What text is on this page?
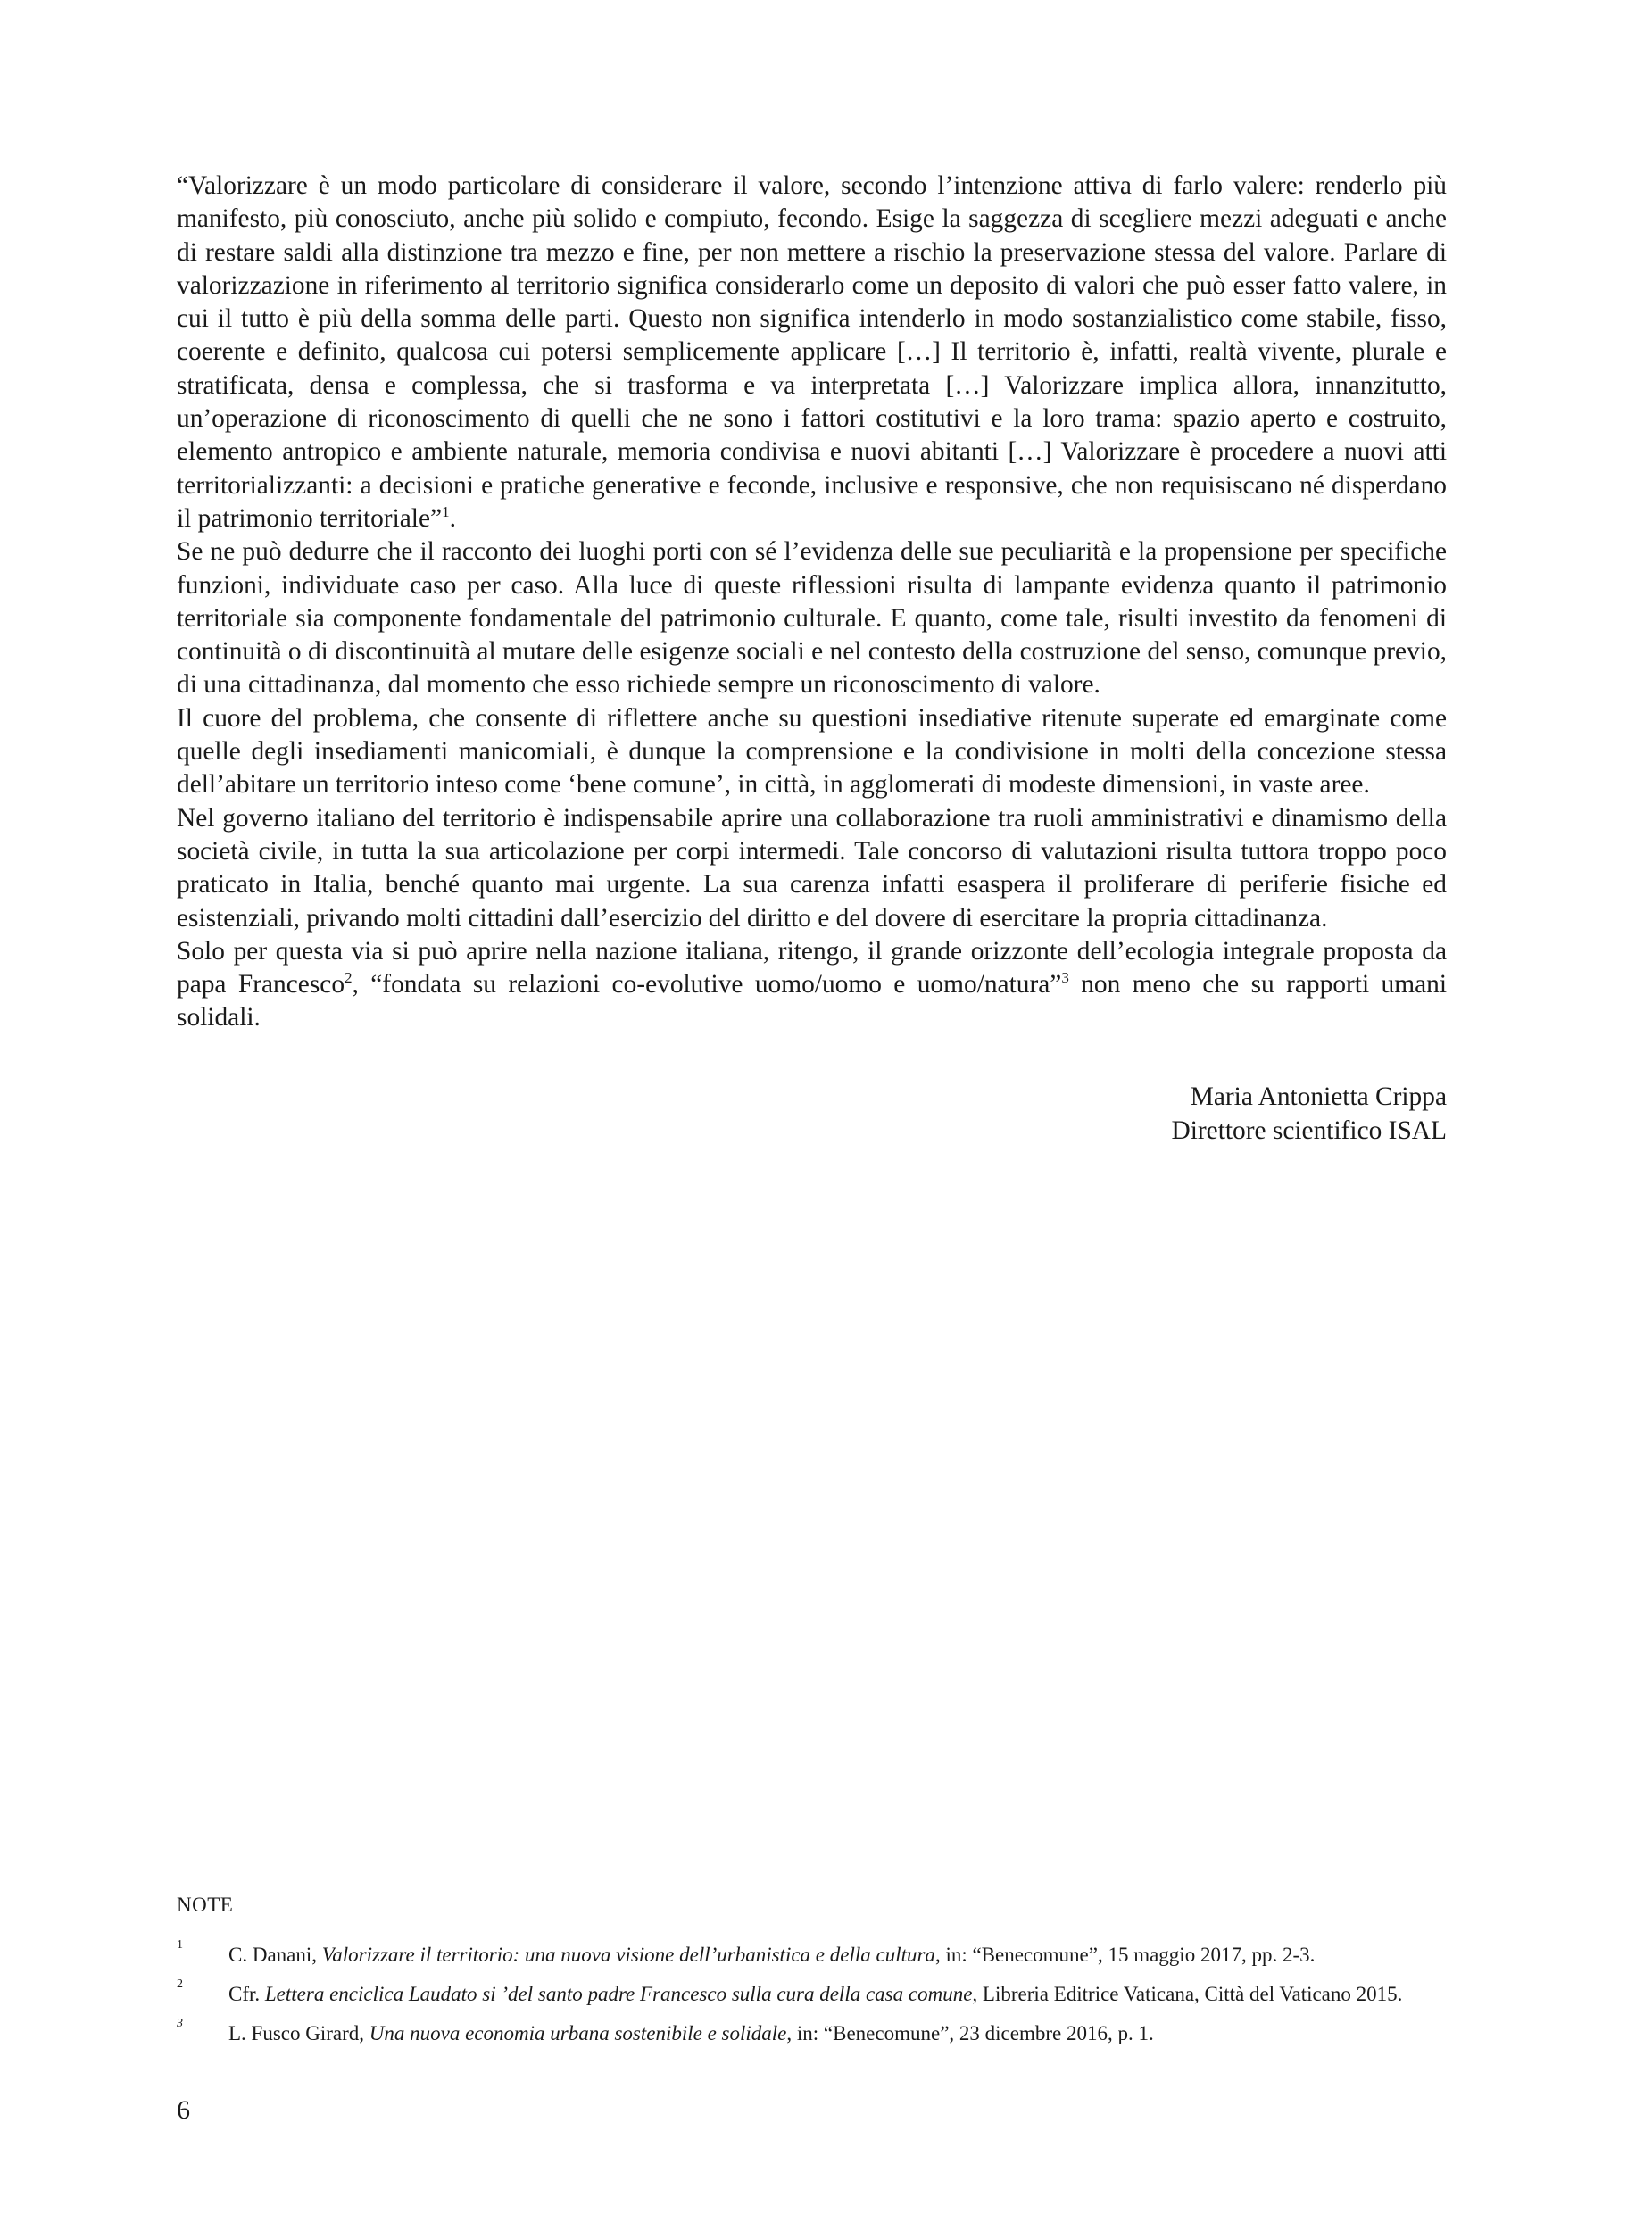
“Valorizzare è un modo particolare di considerare il valore, secondo l’intenzione attiva di farlo valere: renderlo più manifesto, più conosciuto, anche più solido e compiuto, fecondo. Esige la saggezza di scegliere mezzi adeguati e anche di restare saldi alla distinzione tra mezzo e fine, per non mettere a rischio la preservazione stessa del valore. Parlare di valorizzazione in riferimento al territorio significa considerarlo come un deposito di valori che può esser fatto valere, in cui il tutto è più della somma delle parti. Questo non significa intenderlo in modo sostanzialistico come stabile, fisso, coerente e definito, qualcosa cui potersi semplicemente applicare […] Il territorio è, infatti, realtà vivente, plurale e stratificata, densa e complessa, che si trasforma e va interpretata […] Valorizzare implica allora, innanzitutto, un’operazione di riconoscimento di quelli che ne sono i fattori costitutivi e la loro trama: spazio aperto e costruito, elemento antropico e ambiente naturale, memoria condivisa e nuovi abitanti […] Valorizzare è procedere a nuovi atti territorializzanti: a decisioni e pratiche generative e feconde, inclusive e responsive, che non requisiscano né disperdano il patrimonio territoriale”$^1$.

Se ne può dedurre che il racconto dei luoghi porti con sé l’evidenza delle sue peculiarità e la propensione per specifiche funzioni, individuate caso per caso. Alla luce di queste riflessioni risulta di lampante evidenza quanto il patrimonio territoriale sia componente fondamentale del patrimonio culturale. E quanto, come tale, risulti investito da fenomeni di continuità o di discontinuità al mutare delle esigenze sociali e nel contesto della costruzione del senso, comunque previo, di una cittadinanza, dal momento che esso richiede sempre un riconoscimento di valore.

Il cuore del problema, che consente di riflettere anche su questioni insediative ritenute superate ed emarginate come quelle degli insediamenti manicomiali, è dunque la comprensione e la condivisione in molti della concezione stessa dell’abitare un territorio inteso come ‘bene comune’, in città, in agglomerati di modeste dimensioni, in vaste aree.

Nel governo italiano del territorio è indispensabile aprire una collaborazione tra ruoli amministrativi e dinamismo della società civile, in tutta la sua articolazione per corpi intermedi. Tale concorso di valutazioni risulta tuttora troppo poco praticato in Italia, benché quanto mai urgente. La sua carenza infatti esaspera il proliferare di periferie fisiche ed esistenziali, privando molti cittadini dall’esercizio del diritto e del dovere di esercitare la propria cittadinanza.

Solo per questa via si può aprire nella nazione italiana, ritengo, il grande orizzonte dell’ecologia integrale proposta da papa Francesco$^2$, “fondata su relazioni co-evolutive uomo/uomo e uomo/natura”$^3$ non meno che su rapporti umani solidali.

Maria Antonietta Crippa
Direttore scientifico ISAL
NOTE
1 C. Danani, Valorizzare il territorio: una nuova visione dell’urbanistica e della cultura, in: “Benecomune”, 15 maggio 2017, pp. 2-3.
2 Cfr. Lettera enciclica Laudato si ’del santo padre Francesco sulla cura della casa comune, Libreria Editrice Vaticana, Città del Vaticano 2015.
3 L. Fusco Girard, Una nuova economia urbana sostenibile e solidale, in: “Benecomune”, 23 dicembre 2016, p. 1.
6
